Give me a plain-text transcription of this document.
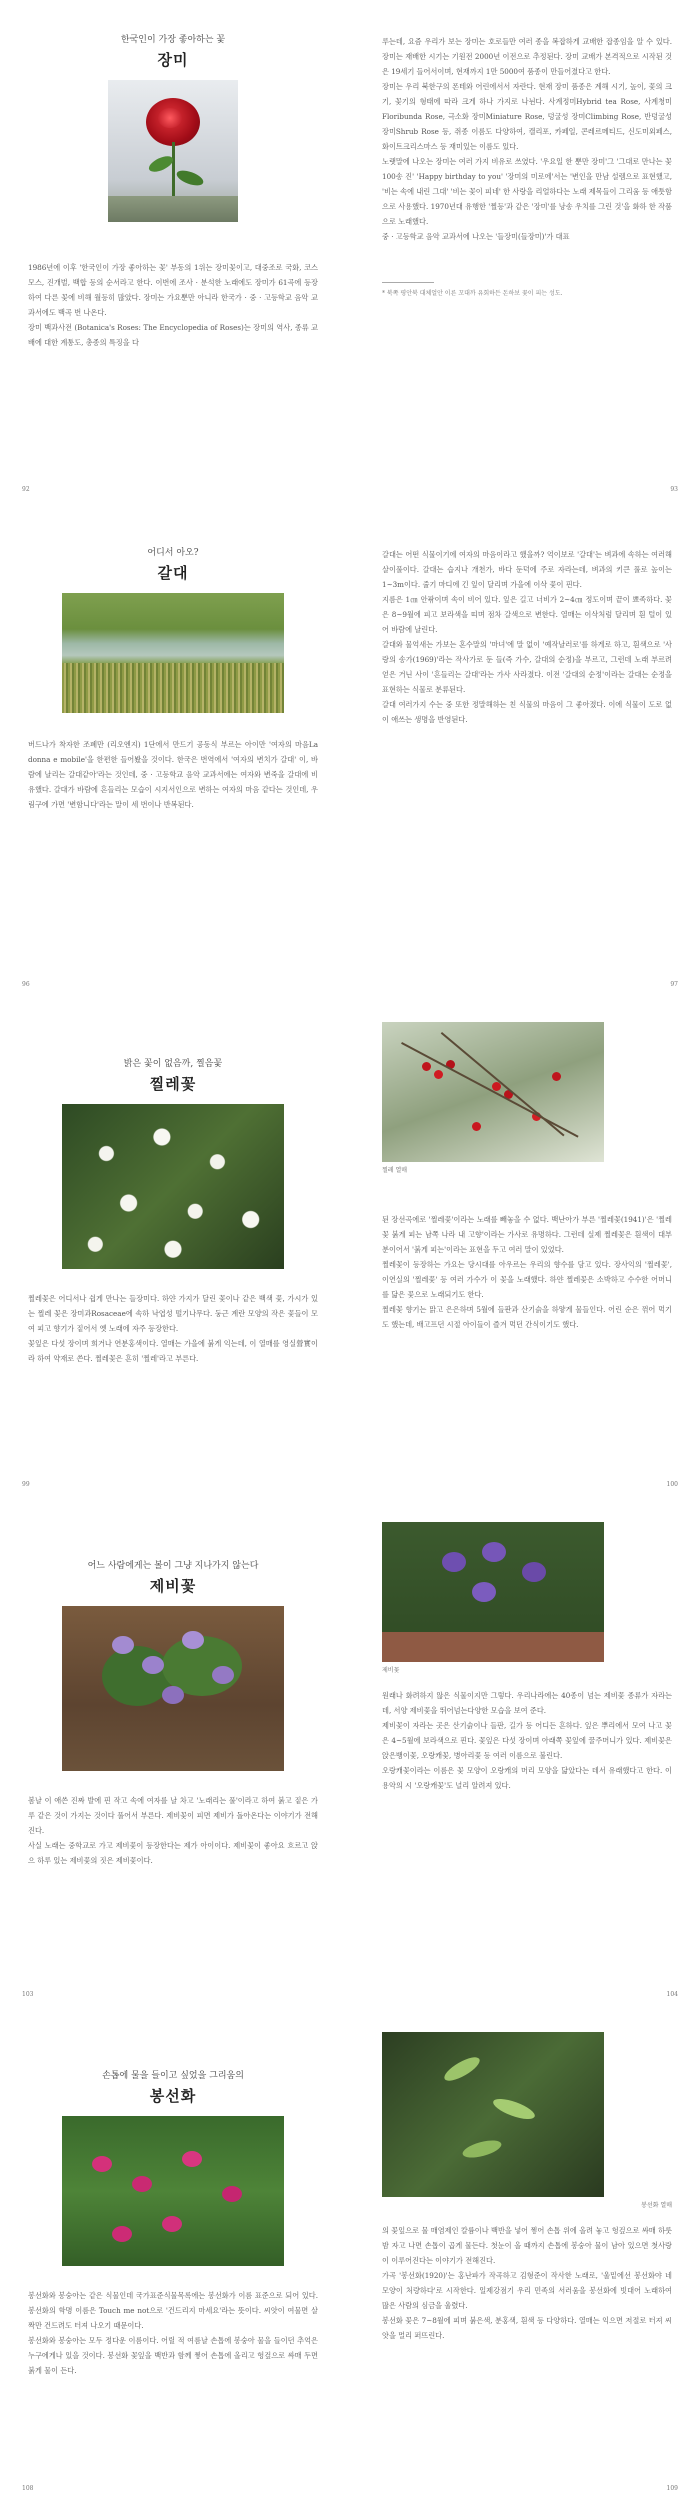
한국인이 가장 좋아하는 꽃
장미

1986년에 이후 '한국인이 가장 좋아하는 꽃' 부동의 1위는 장미꽃이고, 대중조로 국화, 코스모스, 진개벌, 백합 등의 순서라고 한다. 이번에 조사 · 분석한 노래에도 장미가 61곡에 등장하여 다른 꽃에 비해 월등히 많았다. 장미는 가요뿐만 아니라 한국가 · 중 · 고등학교 음악 교과서에도 백곡 번 나온다.

장미 백과사전 (Botanica's Roses: The Encyclopedia of Roses)는 장미의 역사, 종류 교배에 대한 계통도, 총종의 특징을 다

92

루는데, 요즘 우리가 보는 장미는 호로들만 여러 종을 복잡하게 교배한 잡종임을 알 수 있다. 장미는 재배한 시기는 기원전 2000년 이전으로 추정된다. 장미 교배가 본격적으로 시작된 것은 19세기 들어서이며, 현재까지 1만 5000여 품종이 만들어졌다고 한다.

장미는 우리 북한구의 폰테와 어린에서서 자란다. 현재 장미 품종은 계해 시기, 높이, 꽃의 크기, 꽃기의 형태에 따라 크게 하나 가지로 나뉜다. 사계정미Hybrid tea Rose, 사계청미Floribunda Rose, 극소화 장미Miniature Rose, 덩굴성 장미Climbing Rose, 반덩굴성 장미Shrub Rose 등, 쥐종 이름도 다양하여, 캘리포, 카페일, 콘레르메티드, 신도미외페스, 화이트크리스마스 등 재미있는 이름도 있다.

노랫말에 나오는 장미는 여러 가지 비유로 쓰였다. '우요일 한 뿐만 장미'그 '그대로 만나는 꽃 100송 진' 'Happy birthday to you' '장미의 미로에'서는 '변인을 만남 설렘으로 표현했고, '비는 속에 내린 그대' '비는 꽃이 피네' 한 사랑을 리얼하다는 노래 제목들이 그리움 등 애틋함으로 사용했다. 1970년대 유행한 '찔등'과 같은 '장미'를 낭송 우치를 그린 것'을 화하 한 작품으로 노래했다.

중 · 고등학교 음악 교과서에 나오는 '들장미(들장미)'가 대표

* 북쪽 평안북 대체얼안 이른 꼬대까 유회하든 돈하보 꽃이 피는 성도.
93
어디서 아오?
갈대

버드나가 착자한 조폐만 (리오엔지) 1단에서 만드기 공동식 부르는 아이만 '여자의 마음La donna e mobile'을 한편한 들어봤을 것이다. 한국은 번역에서 '여자의 변치가 갈대' 이, 바람에 날리는 갈대같아'라는 것인데, 중 · 고등학교 음악 교과서에는 여자와 변죽을 갈대에 비유했다. 갈대가 바람에 흔들리는 모습이 시지서인으로 변하는 여자의 마음 같다는 것인데, 우림구에 가면 '변함니다'라는 말이 세 번이나 반복된다.

96

갈대는 어떤 식물이기에 여자의 마음이라고 했을까? 억이보로 '갈대'는 벼과에 속하는 여러해살이풀이다. 갈대는 습지나 개천가, 바다 둔덕에 주로 자라는데, 벼과의 키큰 풀로 높이는 1~3m이다. 줄기 마디에 긴 잎이 달리며 가을에 이삭 꽃이 핀다.

지름은 1㎝ 안팎이며 속이 비어 있다. 잎은 길고 너비가 2~4㎝ 정도이며 끝이 뾰족하다. 꽃은 8~9월에 피고 보라색을 띠며 점차 갈색으로 변한다. 열매는 이삭처럼 달리며 흰 털이 있어 바람에 날린다.

갈대와 물억새는 가보는 혼수말의 '마녀'에 말 없이 '예작날러로'를 하게로 하고, 흰색으로 '사랑의 송가(1969)'라는 작사가로 둔 들(즉 가수, 갈대의 순정)을 부르고, 그런데 노래 부르려 얻은 거닌 사이 '흔들리는 갈대'라는 가사 사라졌다. 이전 '갈대의 순정'이라는 갈대는 순정을 표현하는 식물로 분류된다.

갈대 여러가지 수는 중 또한 정말해하는 친 식물의 마음이 그 좋아졌다. 이에 식물이 도로 없이 애쓰는 생명을 반영된다.

97
밝은 꽃이 없음까, 찔음꽃
찔레꽃

찔레꽃은 어디서나 쉽게 만나는 들장미다. 하얀 가지가 달린 꽃이나 같은 백색 꽃, 가시가 있는 찔레 꽃은 장미과Rosaceae에 속하 낙엽성 떨기나무다. 둥근 계란 모양의 작은 꽃들이 모여 피고 향기가 짙어서 옛 노래에 자주 등장한다.

꽃잎은 다섯 장이며 희거나 연분홍색이다. 열매는 가을에 붉게 익는데, 이 열매를 영실營實이라 하여 약재로 쓴다. 찔레꽃은 흔히 '찔레'라고 부른다.

99
찔레 열매

된 장선곡에로 '찔레꽃'이라는 노래를 빼놓을 수 없다. 백난아가 부른 '찔레꽃(1941)'은 '찔레꽃 붉게 피는 남쪽 나라 내 고향'이라는 가사로 유명하다. 그런데 실제 찔레꽃은 흰색이 대부분이어서 '붉게 피는'이라는 표현을 두고 여러 말이 있었다.

찔레꽃이 등장하는 가요는 당시대를 아우르는 우리의 향수를 담고 있다. 장사익의 '찔레꽃', 이연실의 '찔레꽃' 등 여러 가수가 이 꽃을 노래했다. 하얀 찔레꽃은 소박하고 수수한 어머니를 닮은 꽃으로 노래되기도 한다.

찔레꽃 향기는 맑고 은은하며 5월에 들판과 산기슭을 하얗게 물들인다. 어린 순은 꺾어 먹기도 했는데, 배고프던 시절 아이들이 즐겨 먹던 간식이기도 했다.

100
어느 사람에게는 볼이 그냥 지나가지 않는다
제비꽃

봄날 이 애쓴 진짜 발에 핀 작고 속에 여자를 날 차고 '노래리는 풀'이라고 하여 붉고 짙은 가루 같은 것이 가지는 것이다 풀어서 부른다. 제비꽃이 피면 제비가 돌아온다는 이야기가 전해진다.

사실 노래는 중학교로 가고 제비꽃이 등장한다는 제가 아이이다. 제비꽃이 좋아요 흐르고 앉으 하루 있는 제비꽃의 짓은 제비꽃이다.

103
제비꽃

원래나 화려하지 않은 식물이지만 그렇다. 우리나라에는 40종이 넘는 제비꽃 종류가 자라는데, 서양 제비꽃을 뛰어넘는다양한 모습을 보여 준다.

제비꽃이 자라는 곳은 산기슭이나 들판, 길가 등 어디든 흔하다. 잎은 뿌리에서 모여 나고 꽃은 4~5월에 보라색으로 핀다. 꽃잎은 다섯 장이며 아래쪽 꽃잎에 꿀주머니가 있다. 제비꽃은 앉은뱅이꽃, 오랑캐꽃, 병아리꽃 등 여러 이름으로 불린다.

오랑캐꽃이라는 이름은 꽃 모양이 오랑캐의 머리 모양을 닮았다는 데서 유래했다고 한다. 이용악의 시 '오랑캐꽃'도 널리 알려져 있다.

104
손톱에 물을 들이고 싶었을 그리움의
봉선화

봉선화와 봉숭아는 같은 식물인데 국가표준식물목록에는 봉선화가 이름 표준으로 되어 있다. 봉선화의 학명 이름은 Touch me not으로 '건드리지 마세요'라는 뜻이다. 씨앗이 여물면 살짝만 건드려도 터져 나오기 때문이다.

봉선화와 봉숭아는 모두 정다운 이름이다. 어릴 적 여름날 손톱에 봉숭아 물을 들이던 추억은 누구에게나 있을 것이다. 봉선화 꽃잎을 백반과 함께 찧어 손톱에 올리고 헝겊으로 싸매 두면 붉게 물이 든다.

108
봉선화 열매

의 꽃잎으로 물 매염제인 칼륨이나 백반을 넣어 찧어 손톱 위에 올려 놓고 헝겊으로 싸매 하룻밤 자고 나면 손톱이 곱게 물든다. 첫눈이 올 때까지 손톱에 봉숭아 물이 남아 있으면 첫사랑이 이루어진다는 이야기가 전해진다.

가곡 '봉선화(1920)'는 홍난파가 작곡하고 김형준이 작사한 노래로, '울밑에선 봉선화야 네 모양이 처량하다'로 시작한다. 일제강점기 우리 민족의 서러움을 봉선화에 빗대어 노래하여 많은 사람의 심금을 울렸다.

봉선화 꽃은 7~8월에 피며 붉은색, 분홍색, 흰색 등 다양하다. 열매는 익으면 저절로 터져 씨앗을 멀리 퍼뜨린다.

109
